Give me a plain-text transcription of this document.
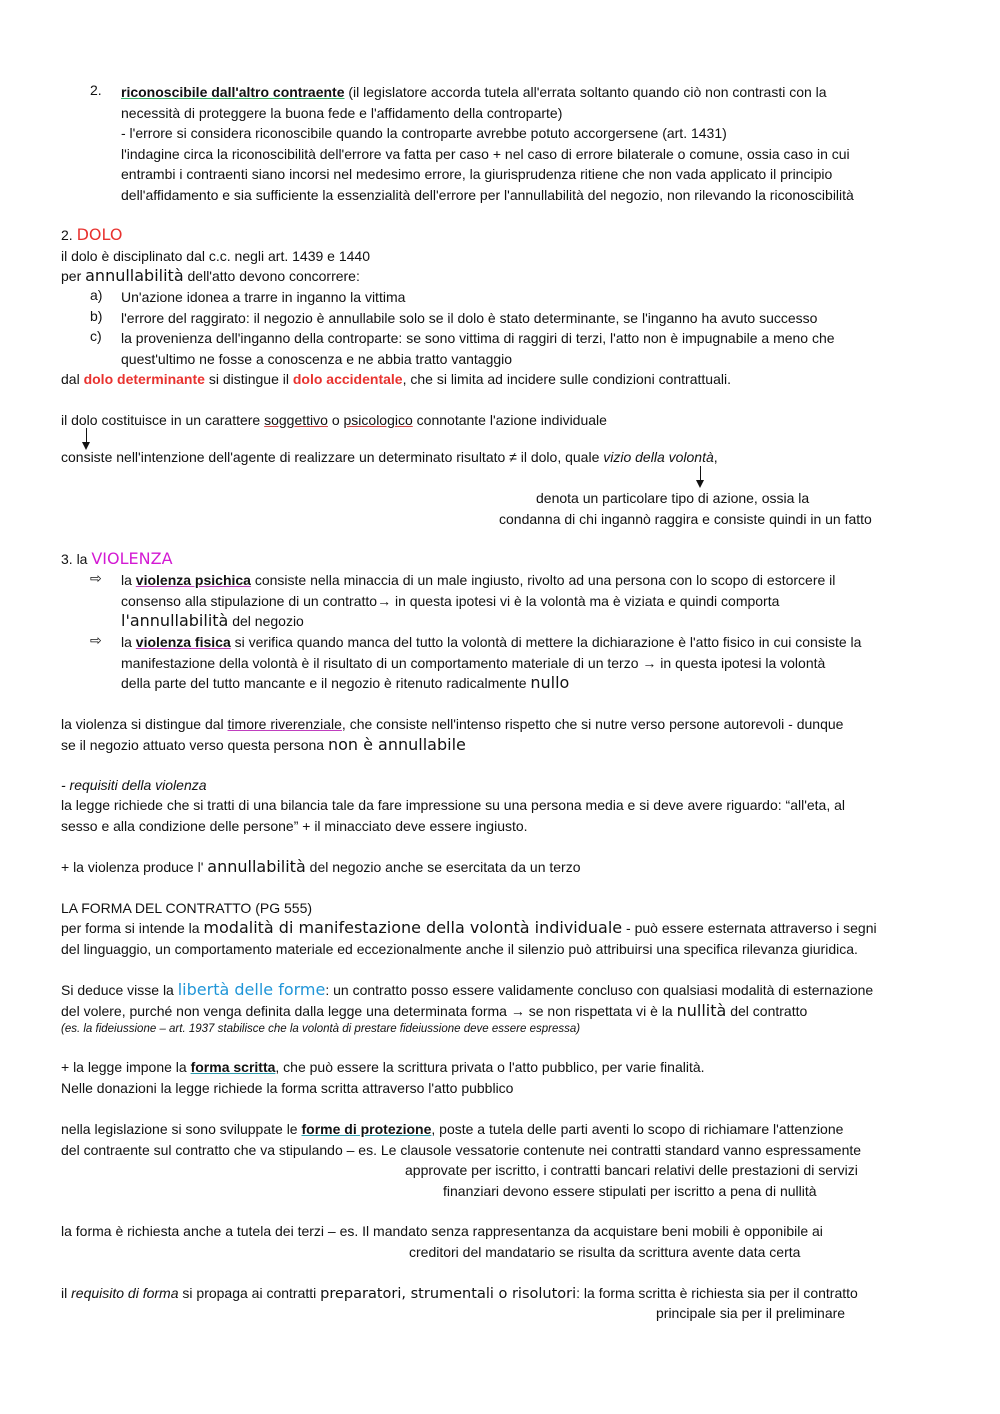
2. riconoscibile dall'altro contraente (il legislatore accorda tutela all'errata soltanto quando ciò non contrasti con la
necessità di proteggere la buona fede e l'affidamento della controparte)
- l'errore si considera riconoscibile quando la controparte avrebbe potuto accorgersene (art. 1431)
l'indagine circa la riconoscibilità dell'errore va fatta per caso + nel caso di errore bilaterale o comune, ossia caso in cui
entrambi i contraenti siano incorsi nel medesimo errore, la giurisprudenza ritiene che non vada applicato il principio
dell'affidamento e sia sufficiente la essenzialità dell'errore per l'annullabilità del negozio, non rilevando la riconoscibilità
2. DOLO
il dolo è disciplinato dal c.c. negli art. 1439 e 1440
per annullabilità dell'atto devono concorrere:
a) Un'azione idonea a trarre in inganno la vittima
b) l'errore del raggirato: il negozio è annullabile solo se il dolo è stato determinante, se l'inganno ha avuto successo
c) la provenienza dell'inganno della controparte: se sono vittima di raggiri di terzi, l'atto non è impugnabile a meno che
quest'ultimo ne fosse a conoscenza e ne abbia tratto vantaggio
dal dolo determinante si distingue il dolo accidentale, che si limita ad incidere sulle condizioni contrattuali.
il dolo costituisce in un carattere soggettivo o psicologico connotante l'azione individuale
consiste nell'intenzione dell'agente di realizzare un determinato risultato ≠ il dolo, quale vizio della volontà,
denota un particolare tipo di azione, ossia la
condanna di chi ingannò raggira e consiste quindi in un fatto
3. la VIOLENZA
⇨ la violenza psichica consiste nella minaccia di un male ingiusto, rivolto ad una persona con lo scopo di estorcere il
consenso alla stipulazione di un contratto→ in questa ipotesi vi è la volontà ma è viziata e quindi comporta
l'annullabilità del negozio
⇨ la violenza fisica si verifica quando manca del tutto la volontà di mettere la dichiarazione è l'atto fisico in cui consiste la
manifestazione della volontà è il risultato di un comportamento materiale di un terzo → in questa ipotesi la volontà
della parte del tutto mancante e il negozio è ritenuto radicalmente nullo
la violenza si distingue dal timore riverenziale, che consiste nell'intenso rispetto che si nutre verso persone autorevoli - dunque
se il negozio attuato verso questa persona non è annullabile
- requisiti della violenza
la legge richiede che si tratti di una bilancia tale da fare impressione su una persona media e si deve avere riguardo: “all'eta, al
sesso e alla condizione delle persone” + il minacciato deve essere ingiusto.
+ la violenza produce l' annullabilità del negozio anche se esercitata da un terzo
LA FORMA DEL CONTRATTO (PG 555)
per forma si intende la modalità di manifestazione della volontà individuale - può essere esternata attraverso i segni
del linguaggio, un comportamento materiale ed eccezionalmente anche il silenzio può attribuirsi una specifica rilevanza giuridica.
Si deduce visse la libertà delle forme: un contratto posso essere validamente concluso con qualsiasi modalità di esternazione
del volere, purché non venga definita dalla legge una determinata forma → se non rispettata vi è la nullità del contratto
(es. la fideiussione – art. 1937 stabilisce che la volontà di prestare fideiussione deve essere espressa)
+ la legge impone la forma scritta, che può essere la scrittura privata o l'atto pubblico, per varie finalità.
Nelle donazioni la legge richiede la forma scritta attraverso l'atto pubblico
nella legislazione si sono sviluppate le forme di protezione, poste a tutela delle parti aventi lo scopo di richiamare l'attenzione
del contraente sul contratto che va stipulando – es. Le clausole vessatorie contenute nei contratti standard vanno espressamente
approvate per iscritto, i contratti bancari relativi delle prestazioni di servizi
finanziari devono essere stipulati per iscritto a pena di nullità
la forma è richiesta anche a tutela dei terzi – es. Il mandato senza rappresentanza da acquistare beni mobili è opponibile ai
creditori del mandatario se risulta da scrittura avente data certa
il requisito di forma si propaga ai contratti preparatori, strumentali o risolutori: la forma scritta è richiesta sia per il contratto
principale sia per il preliminare
